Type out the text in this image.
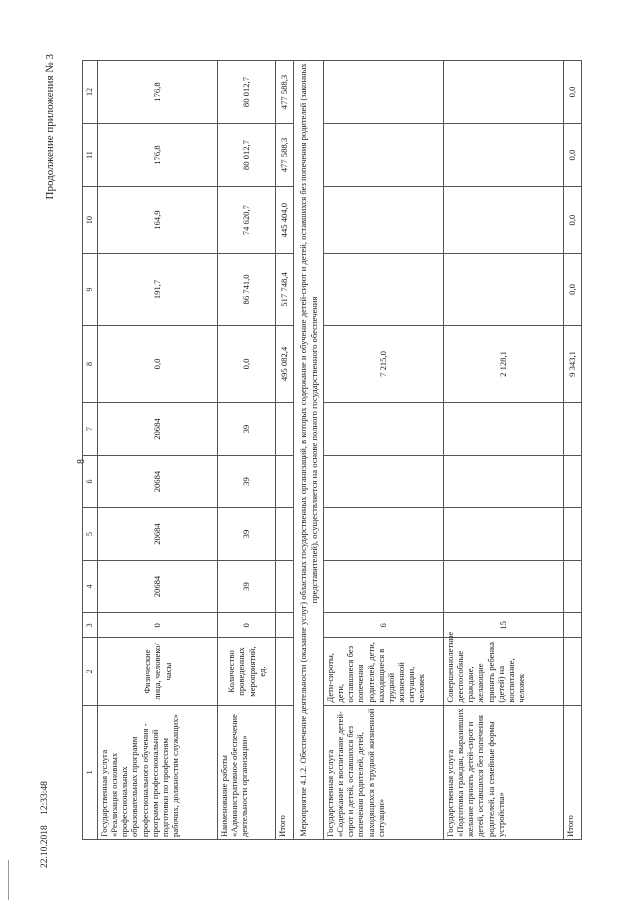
Продолжение приложения № 3
8
1	2	3	4	5	6	7	8	9	10	11	12
Государственная услуга «Реализация основных профессиональных образовательных программ профессионального обучения - программ профессиональной подготовки по профессиям рабочих, должностям служащих»	Физические лица, человеко/часы	0	20684	20684	20684	20684	0,0	191,7	164,9	176,8	176,8
Наименование работы «Административное обеспечение деятельности организации»	Количество проведенных мероприятий, ед.	0	39	39	39	39	0,0	86 741,0	74 620,7	80 012,7	80 012,7
Итого							495 082,4	517 748,4	445 404,0	477 588,3	477 588,3
Мероприятие 4.1.2. Обеспечение деятельности (оказание услуг) областных государственных организаций, в которых содержание и обучение детей-сирот и детей, оставшихся без попечения родителей (законных представителей), осуществляется на основе полного государственного обеспечения											
Государственная услуга «Содержание и воспитание детей-сирот и детей, оставшихся без попечения родителей, детей, находящихся в трудной жизненной ситуации»	Дети-сироты, дети, оставшиеся без попечения родителей, дети, находящиеся в трудной жизненной ситуации, человек	6					7 215,0				
Государственная услуга «Подготовка граждан, выразивших желание принять детей-сирот и детей, оставшихся без попечения родителей, на семейные формы устройства»	Совершеннолетние дееспособные граждане, желающие принять ребенка (детей) на воспитание, человек	15					2 128,1				
Итого							9 343,1	0,0	0,0	0,0	0,0
22.10.2018 12:33:48
